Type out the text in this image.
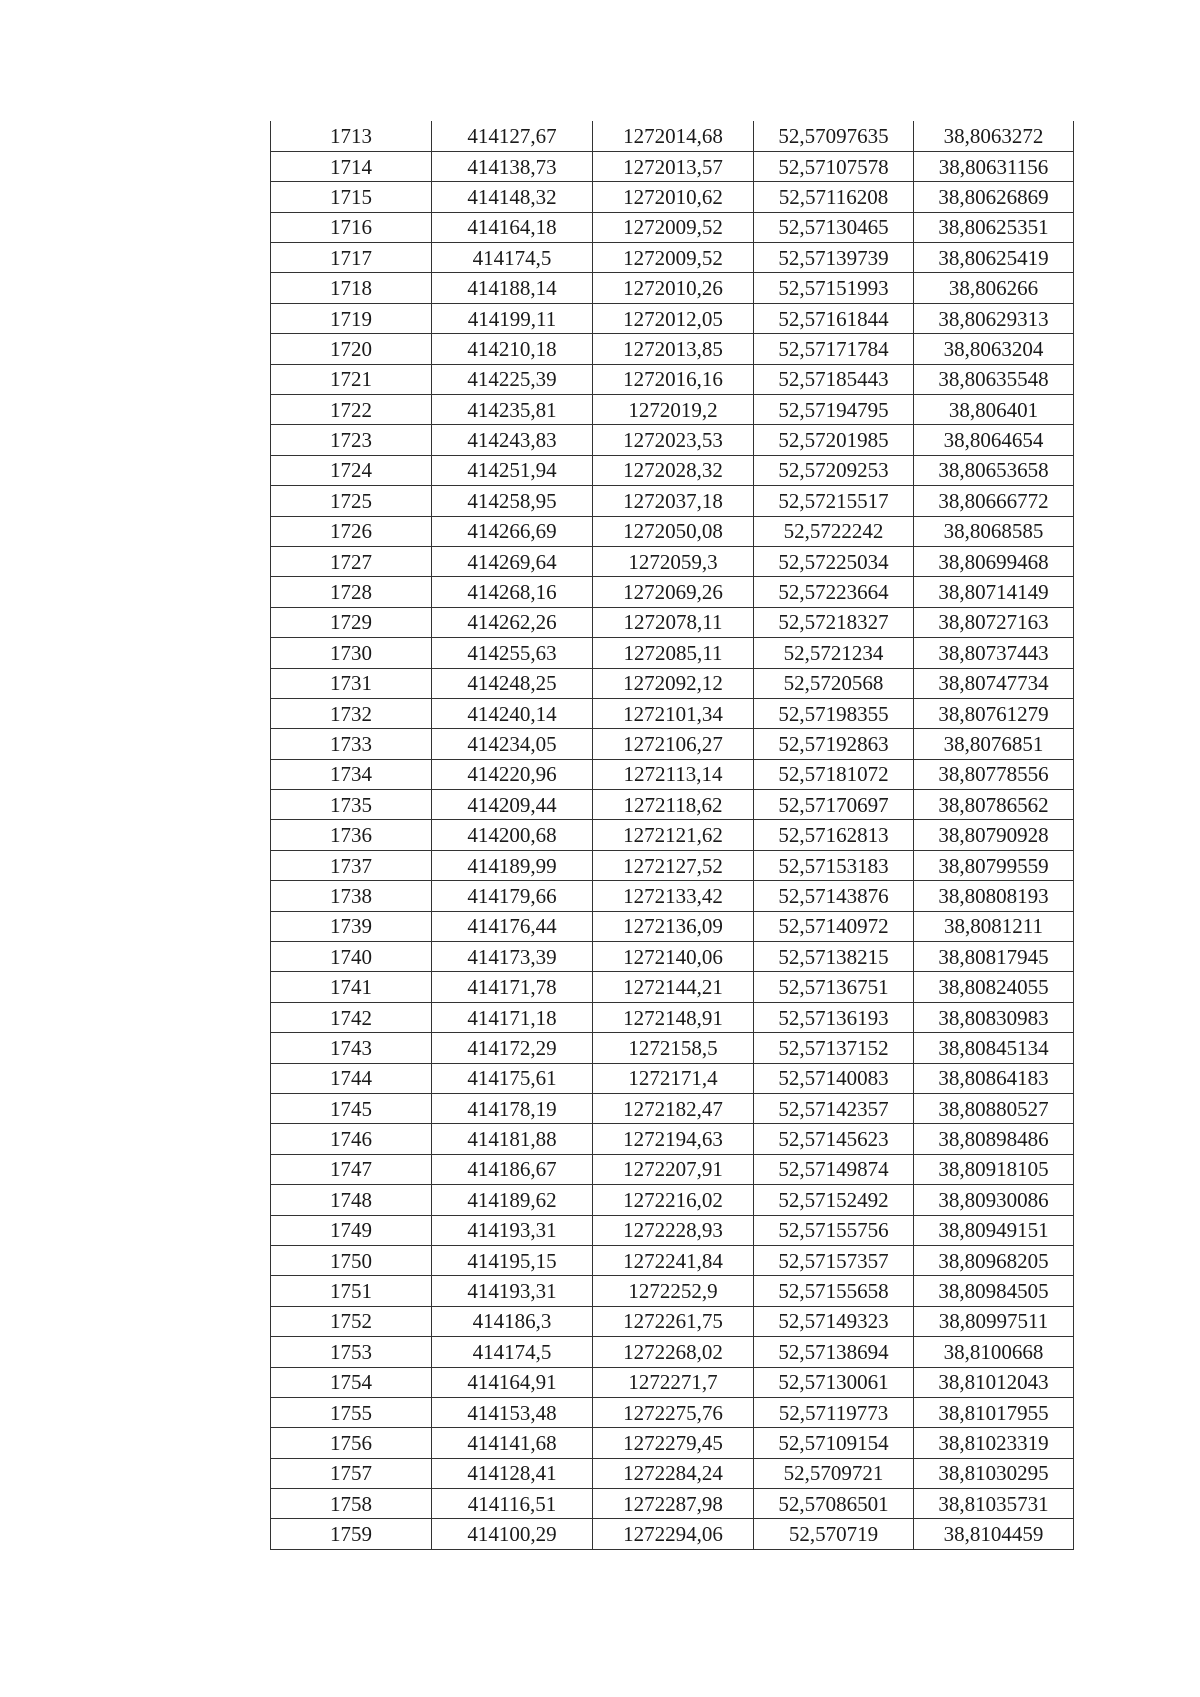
1713	414127,67	1272014,68	52,57097635	38,8063272
1714	414138,73	1272013,57	52,57107578	38,80631156
1715	414148,32	1272010,62	52,57116208	38,80626869
1716	414164,18	1272009,52	52,57130465	38,80625351
1717	414174,5	1272009,52	52,57139739	38,80625419
1718	414188,14	1272010,26	52,57151993	38,806266
1719	414199,11	1272012,05	52,57161844	38,80629313
1720	414210,18	1272013,85	52,57171784	38,8063204
1721	414225,39	1272016,16	52,57185443	38,80635548
1722	414235,81	1272019,2	52,57194795	38,806401
1723	414243,83	1272023,53	52,57201985	38,8064654
1724	414251,94	1272028,32	52,57209253	38,80653658
1725	414258,95	1272037,18	52,57215517	38,80666772
1726	414266,69	1272050,08	52,5722242	38,8068585
1727	414269,64	1272059,3	52,57225034	38,80699468
1728	414268,16	1272069,26	52,57223664	38,80714149
1729	414262,26	1272078,11	52,57218327	38,80727163
1730	414255,63	1272085,11	52,5721234	38,80737443
1731	414248,25	1272092,12	52,5720568	38,80747734
1732	414240,14	1272101,34	52,57198355	38,80761279
1733	414234,05	1272106,27	52,57192863	38,8076851
1734	414220,96	1272113,14	52,57181072	38,80778556
1735	414209,44	1272118,62	52,57170697	38,80786562
1736	414200,68	1272121,62	52,57162813	38,80790928
1737	414189,99	1272127,52	52,57153183	38,80799559
1738	414179,66	1272133,42	52,57143876	38,80808193
1739	414176,44	1272136,09	52,57140972	38,8081211
1740	414173,39	1272140,06	52,57138215	38,80817945
1741	414171,78	1272144,21	52,57136751	38,80824055
1742	414171,18	1272148,91	52,57136193	38,80830983
1743	414172,29	1272158,5	52,57137152	38,80845134
1744	414175,61	1272171,4	52,57140083	38,80864183
1745	414178,19	1272182,47	52,57142357	38,80880527
1746	414181,88	1272194,63	52,57145623	38,80898486
1747	414186,67	1272207,91	52,57149874	38,80918105
1748	414189,62	1272216,02	52,57152492	38,80930086
1749	414193,31	1272228,93	52,57155756	38,80949151
1750	414195,15	1272241,84	52,57157357	38,80968205
1751	414193,31	1272252,9	52,57155658	38,80984505
1752	414186,3	1272261,75	52,57149323	38,80997511
1753	414174,5	1272268,02	52,57138694	38,8100668
1754	414164,91	1272271,7	52,57130061	38,81012043
1755	414153,48	1272275,76	52,57119773	38,81017955
1756	414141,68	1272279,45	52,57109154	38,81023319
1757	414128,41	1272284,24	52,5709721	38,81030295
1758	414116,51	1272287,98	52,57086501	38,81035731
1759	414100,29	1272294,06	52,570719	38,8104459
